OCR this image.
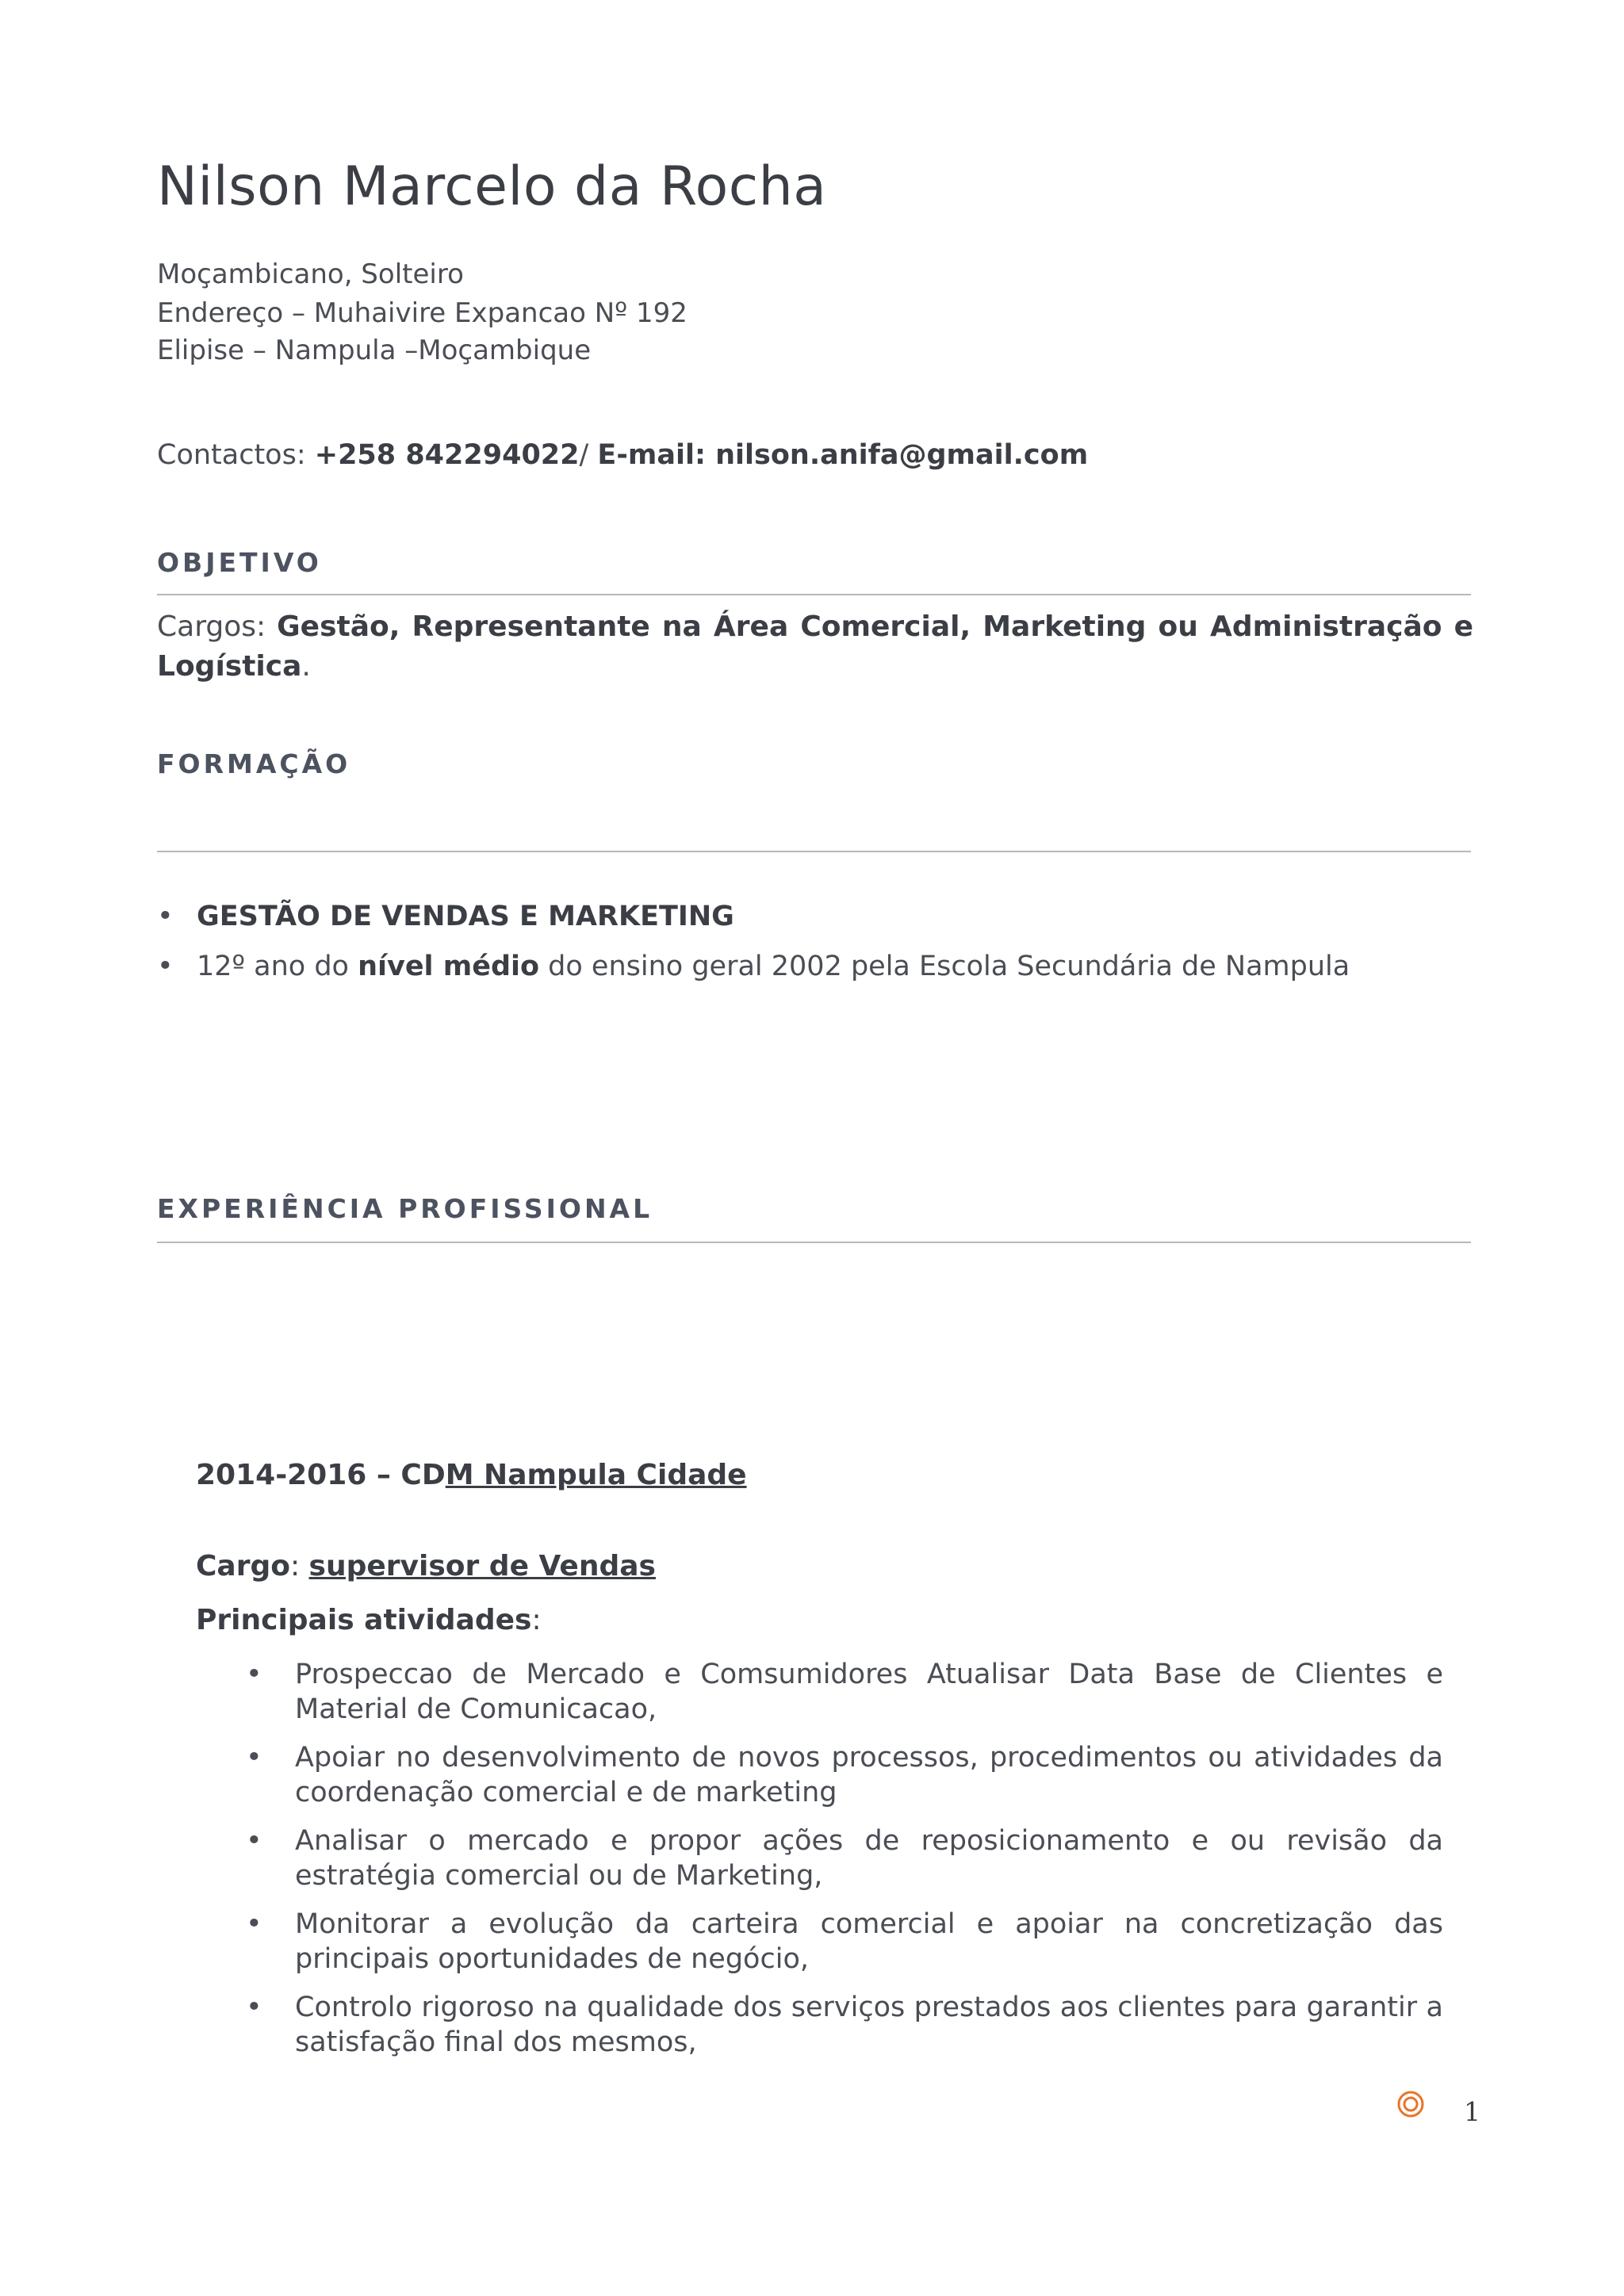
Nilson Marcelo da Rocha
Moçambicano, Solteiro
Endereço – Muhaivire Expancao Nº 192
Elipise – Nampula –Moçambique
Contactos: +258 842294022/ E-mail: nilson.anifa@gmail.com
OBJETIVO
Cargos: Gestão, Representante na Área Comercial, Marketing ou Administração e Logística.
FORMAÇÃO
• GESTÃO DE VENDAS E MARKETING
• 12º ano do nível médio do ensino geral 2002 pela Escola Secundária de Nampula
EXPERIÊNCIA PROFISSIONAL
2014-2016 – CDM Nampula Cidade
Cargo: supervisor de Vendas
Principais atividades:
• Prospeccao de Mercado e Comsumidores Atualisar Data Base de Clientes e Material de Comunicacao,
• Apoiar no desenvolvimento de novos processos, procedimentos ou atividades da coordenação comercial e de marketing
• Analisar o mercado e propor ações de reposicionamento e ou revisão da estratégia comercial ou de Marketing,
• Monitorar a evolução da carteira comercial e apoiar na concretização das principais oportunidades de negócio,
• Controlo rigoroso na qualidade dos serviços prestados aos clientes para garantir a satisfação final dos mesmos,
1
